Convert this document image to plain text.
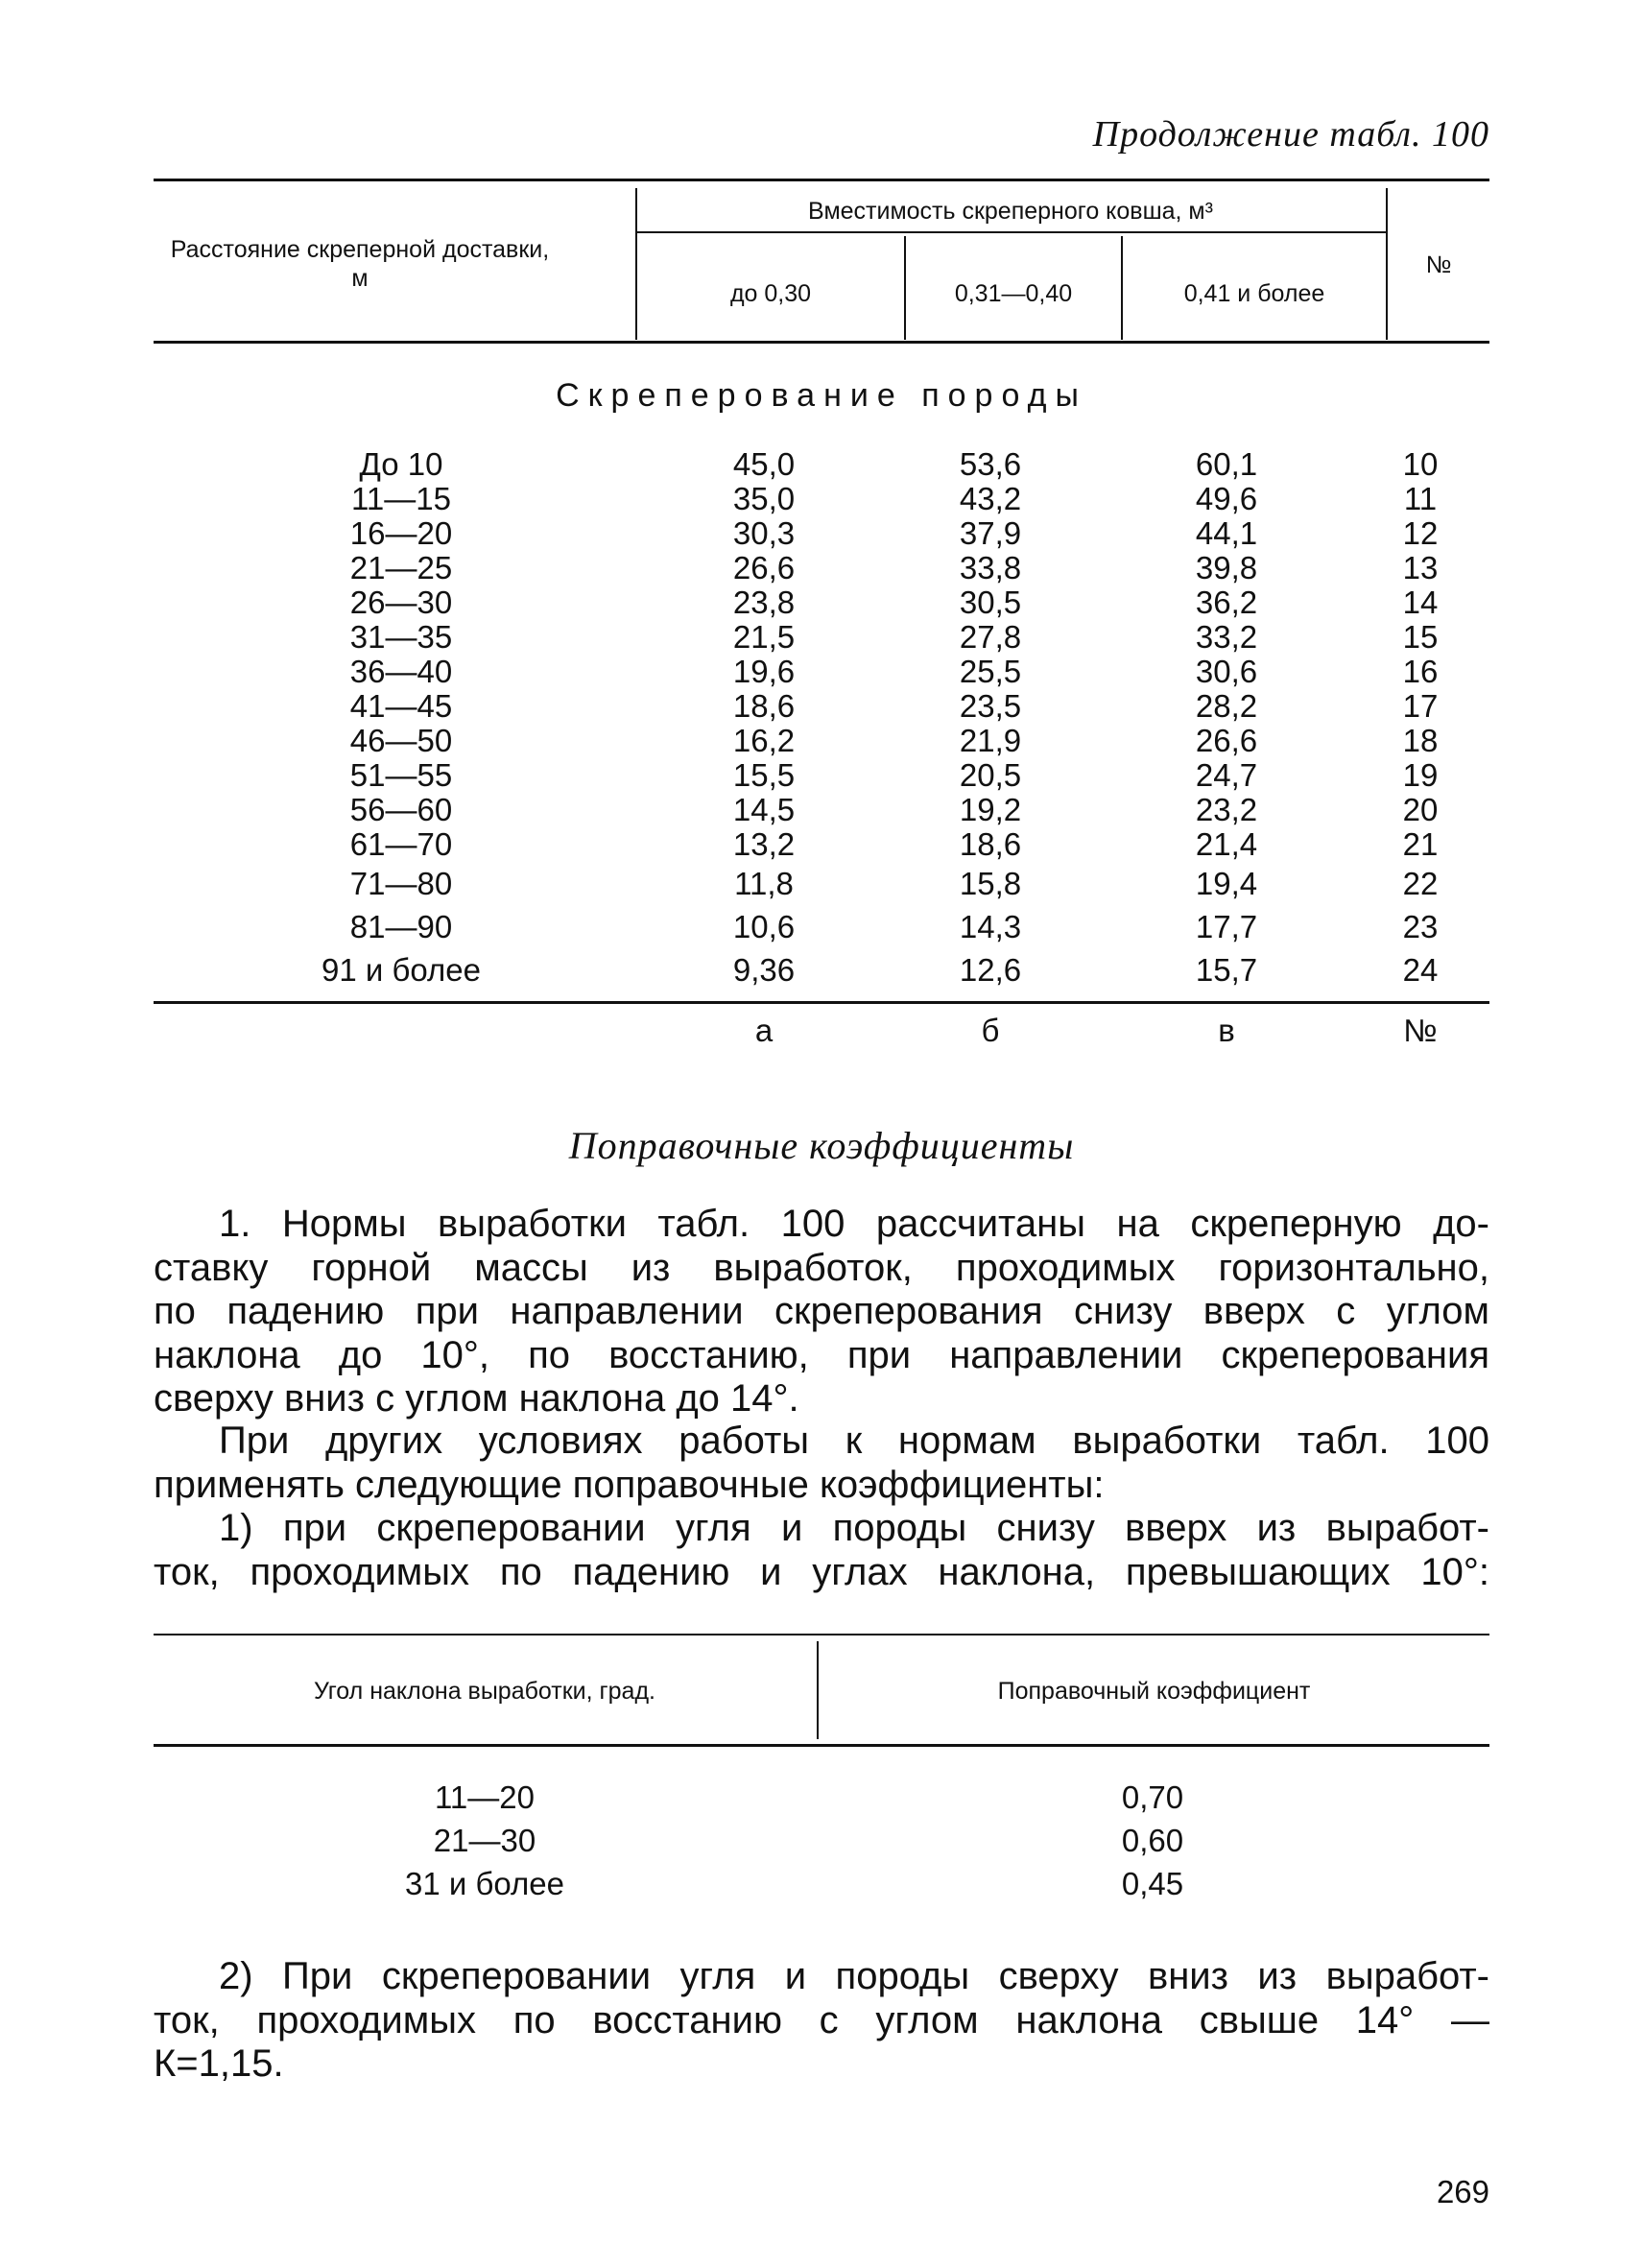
Продолжение табл. 100
Расстояние скреперной доставки, м
Вместимость скреперного ковша, м³
до 0,30	0,31—0,40	0,41 и более
№
Скреперование породы
До 10	45,0	53,6	60,1	10
11—15	35,0	43,2	49,6	11
16—20	30,3	37,9	44,1	12
21—25	26,6	33,8	39,8	13
26—30	23,8	30,5	36,2	14
31—35	21,5	27,8	33,2	15
36—40	19,6	25,5	30,6	16
41—45	18,6	23,5	28,2	17
46—50	16,2	21,9	26,6	18
51—55	15,5	20,5	24,7	19
56—60	14,5	19,2	23,2	20
61—70	13,2	18,6	21,4	21
71—80	11,8	15,8	19,4	22
81—90	10,6	14,3	17,7	23
91 и более	9,36	12,6	15,7	24
а	б	в	№
Поправочные коэффициенты
1. Нормы выработки табл. 100 рассчитаны на скреперную до-
ставку горной массы из выработок, проходимых горизонтально,
по падению при направлении скреперования снизу вверх с углом
наклона до 10°, по восстанию, при направлении скреперования
сверху вниз с углом наклона до 14°.
При других условиях работы к нормам выработки табл. 100
применять следующие поправочные коэффициенты:
1) при скреперовании угля и породы снизу вверх из выработ-
ток, проходимых по падению и углах наклона, превышающих 10°:
Угол наклона выработки, град.	Поправочный коэффициент
11—20	0,70
21—30	0,60
31 и более	0,45
2) При скреперовании угля и породы сверху вниз из выработ-
ток, проходимых по восстанию с углом наклона свыше 14° —
К=1,15.
269
